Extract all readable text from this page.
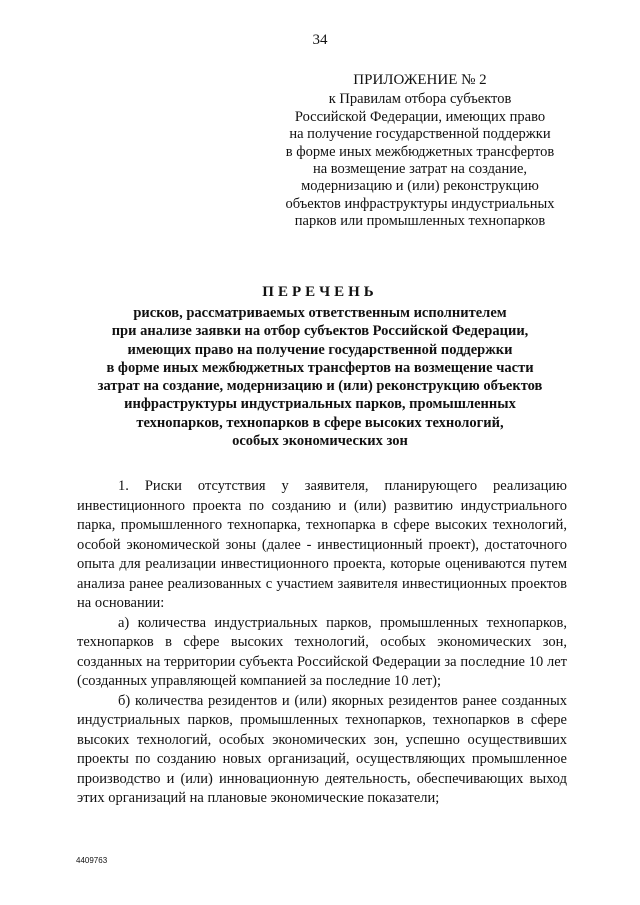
34
ПРИЛОЖЕНИЕ № 2
к Правилам отбора субъектов
Российской Федерации, имеющих право
на получение государственной поддержки
в форме иных межбюджетных трансфертов
на возмещение затрат на создание,
модернизацию и (или) реконструкцию
объектов инфраструктуры индустриальных
парков или промышленных технопарков
ПЕРЕЧЕНЬ
рисков, рассматриваемых ответственным исполнителем
при анализе заявки на отбор субъектов Российской Федерации,
имеющих право на получение государственной поддержки
в форме иных межбюджетных трансфертов на возмещение части
затрат на создание, модернизацию и (или) реконструкцию объектов
инфраструктуры индустриальных парков, промышленных
технопарков, технопарков в сфере высоких технологий,
особых экономических зон

1. Риски отсутствия у заявителя, планирующего реализацию инвестиционного проекта по созданию и (или) развитию индустриального парка, промышленного технопарка, технопарка в сфере высоких технологий, особой экономической зоны (далее - инвестиционный проект), достаточного опыта для реализации инвестиционного проекта, которые оцениваются путем анализа ранее реализованных с участием заявителя инвестиционных проектов на основании:

а) количества индустриальных парков, промышленных технопарков, технопарков в сфере высоких технологий, особых экономических зон, созданных на территории субъекта Российской Федерации за последние 10 лет (созданных управляющей компанией за последние 10 лет);

б) количества резидентов и (или) якорных резидентов ранее созданных индустриальных парков, промышленных технопарков, технопарков в сфере высоких технологий, особых экономических зон, успешно осуществивших проекты по созданию новых организаций, осуществляющих промышленное производство и (или) инновационную деятельность, обеспечивающих выход этих организаций на плановые экономические показатели;

4409763
